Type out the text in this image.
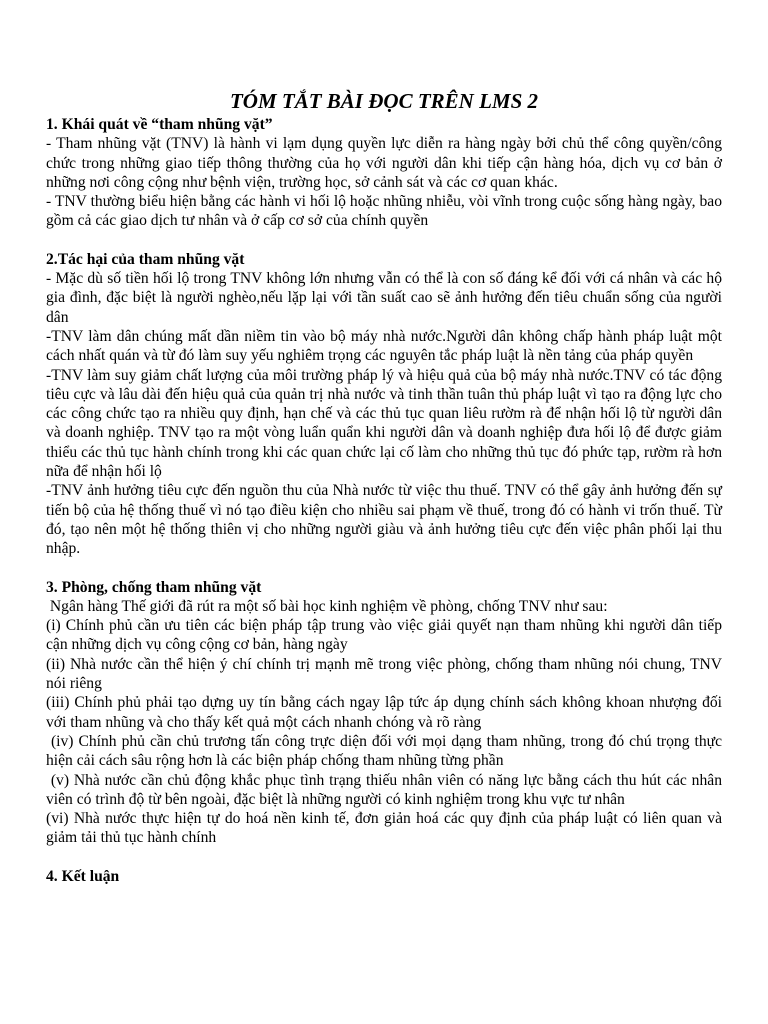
TÓM TẮT BÀI ĐỌC TRÊN LMS 2
1. Khái quát về “tham nhũng vặt”

- Tham nhũng vặt (TNV) là hành vi lạm dụng quyền lực diễn ra hàng ngày bởi chủ thể công quyền/công chức trong những giao tiếp thông thường của họ với người dân khi tiếp cận hàng hóa, dịch vụ cơ bản ở những nơi công cộng như bệnh viện, trường học, sở cảnh sát và các cơ quan khác.

- TNV thường biểu hiện bằng các hành vi hối lộ hoặc nhũng nhiễu, vòi vĩnh trong cuộc sống hàng ngày, bao gồm cả các giao dịch tư nhân và ở cấp cơ sở của chính quyền

2.Tác hại của tham nhũng vặt

- Mặc dù số tiền hối lộ trong TNV không lớn nhưng vẫn có thể là con số đáng kể đối với cá nhân và các hộ gia đình, đặc biệt là người nghèo,nếu lặp lại với tần suất cao sẽ ảnh hưởng đến tiêu chuẩn sống của người dân

-TNV làm dân chúng mất dần niềm tin vào bộ máy nhà nước.Người dân không chấp hành pháp luật một cách nhất quán và từ đó làm suy yếu nghiêm trọng các nguyên tắc pháp luật là nền tảng của pháp quyền

-TNV làm suy giảm chất lượng của môi trường pháp lý và hiệu quả của bộ máy nhà nước.TNV có tác động tiêu cực và lâu dài đến hiệu quả của quản trị nhà nước và tinh thần tuân thủ pháp luật vì tạo ra động lực cho các công chức tạo ra nhiều quy định, hạn chế và các thủ tục quan liêu rườm rà để nhận hối lộ từ người dân và doanh nghiệp. TNV tạo ra một vòng luẩn quẩn khi người dân và doanh nghiệp đưa hối lộ để được giảm thiểu các thủ tục hành chính trong khi các quan chức lại cố làm cho những thủ tục đó phức tạp, rườm rà hơn nữa để nhận hối lộ

-TNV ảnh hưởng tiêu cực đến nguồn thu của Nhà nước từ việc thu thuế. TNV có thể gây ảnh hưởng đến sự tiến bộ của hệ thống thuế vì nó tạo điều kiện cho nhiều sai phạm về thuế, trong đó có hành vi trốn thuế. Từ đó, tạo nên một hệ thống thiên vị cho những người giàu và ảnh hưởng tiêu cực đến việc phân phối lại thu nhập.

3. Phòng, chống tham nhũng vặt

Ngân hàng Thế giới đã rút ra một số bài học kinh nghiệm về phòng, chống TNV như sau:

(i) Chính phủ cần ưu tiên các biện pháp tập trung vào việc giải quyết nạn tham nhũng khi người dân tiếp cận những dịch vụ công cộng cơ bản, hàng ngày

(ii) Nhà nước cần thể hiện ý chí chính trị mạnh mẽ trong việc phòng, chống tham nhũng nói chung, TNV nói riêng

(iii) Chính phủ phải tạo dựng uy tín bằng cách ngay lập tức áp dụng chính sách không khoan nhượng đối với tham nhũng và cho thấy kết quả một cách nhanh chóng và rõ ràng

(iv) Chính phủ cần chủ trương tấn công trực diện đối với mọi dạng tham nhũng, trong đó chú trọng thực hiện cải cách sâu rộng hơn là các biện pháp chống tham nhũng từng phần

(v) Nhà nước cần chủ động khắc phục tình trạng thiếu nhân viên có năng lực bằng cách thu hút các nhân viên có trình độ từ bên ngoài, đặc biệt là những người có kinh nghiệm trong khu vực tư nhân

(vi) Nhà nước thực hiện tự do hoá nền kinh tế, đơn giản hoá các quy định của pháp luật có liên quan và giảm tải thủ tục hành chính

4. Kết luận
